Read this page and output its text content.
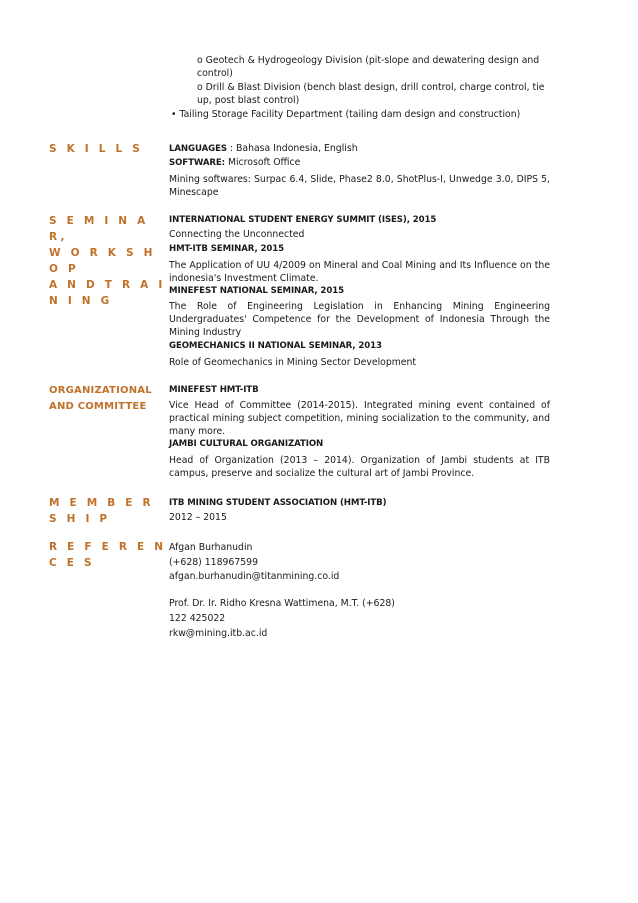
o Geotech & Hydrogeology Division (pit-slope and dewatering design and control)
o Drill & Blast Division (bench blast design, drill control, charge control, tie up, post blast control)
• Tailing Storage Facility Department (tailing dam design and construction)
S K I L L S	LANGUAGES : Bahasa Indonesia, English
SOFTWARE: Microsoft Office
Mining softwares: Surpac 6.4, Slide, Phase2 8.0, ShotPlus-I, Unwedge 3.0, DIPS 5, Minescape
S E M I N A R,
W O R K S H O P
A N D T R A I N I N G
INTERNATIONAL STUDENT ENERGY SUMMIT (ISES), 2015
Connecting the Unconnected
HMT-ITB SEMINAR, 2015
The Application of UU 4/2009 on Mineral and Coal Mining and Its Influence on the indonesia's Investment Climate.
MINEFEST NATIONAL SEMINAR, 2015
The Role of Engineering Legislation in Enhancing Mining Engineering Undergraduates' Competence for the Development of Indonesia Through the Mining Industry
GEOMECHANICS II NATIONAL SEMINAR, 2013
Role of Geomechanics in Mining Sector Development
ORGANIZATIONAL
AND COMMITTEE
MINEFEST HMT-ITB
Vice Head of Committee (2014-2015). Integrated mining event contained of practical mining subject competition, mining socialization to the community, and many more.
JAMBI CULTURAL ORGANIZATION
Head of Organization (2013 – 2014). Organization of Jambi students at ITB campus, preserve and socialize the cultural art of Jambi Province.
M E M B E R S H I P
ITB MINING STUDENT ASSOCIATION (HMT-ITB)
2012 – 2015
R E F E R E N C E S
Afgan Burhanudin
(+628) 118967599
afgan.burhanudin@titanmining.co.id
Prof. Dr. Ir. Ridho Kresna Wattimena, M.T. (+628)
122 425022
rkw@mining.itb.ac.id
